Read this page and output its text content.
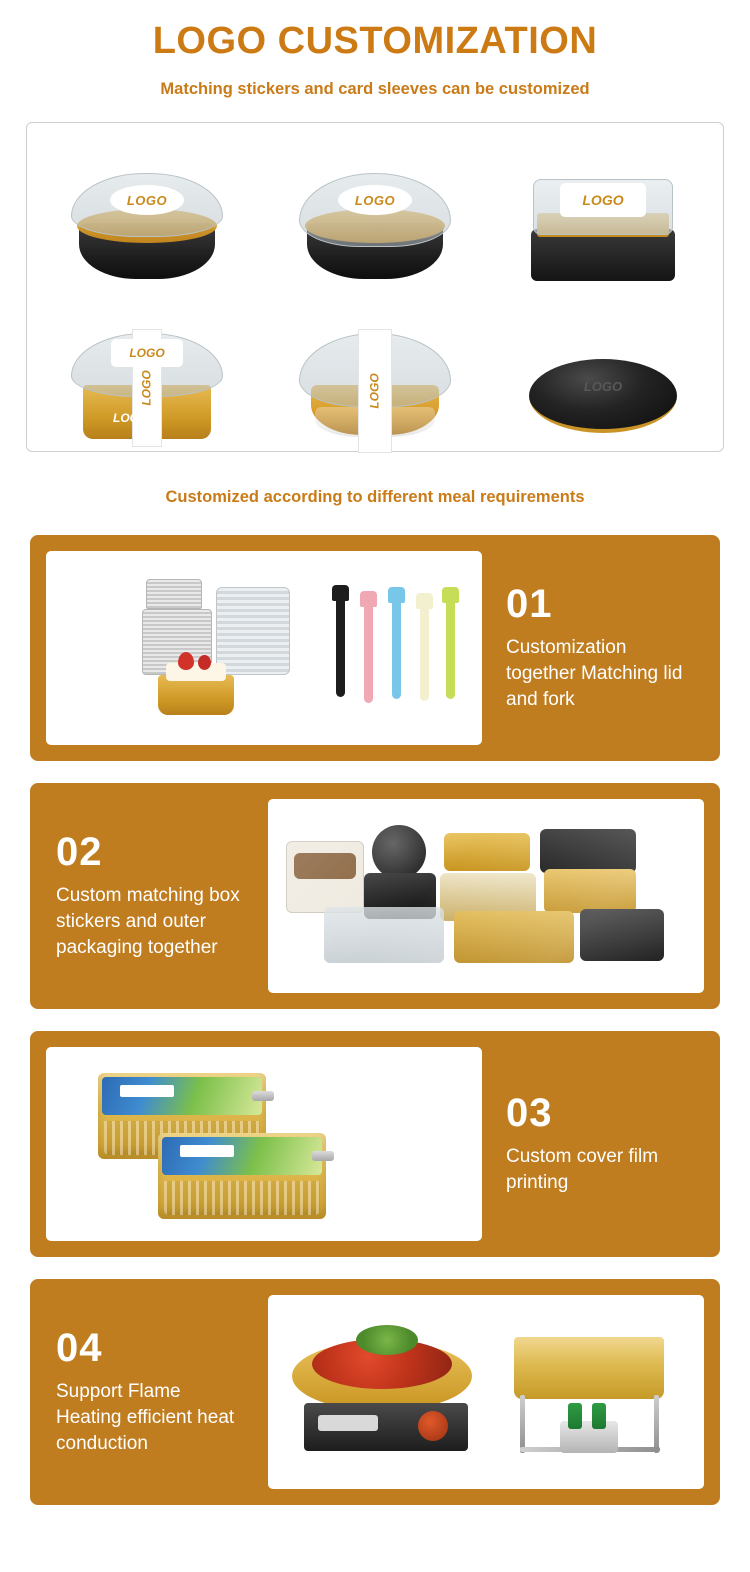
LOGO CUSTOMIZATION
Matching stickers and card sleeves can be customized
LOGO	LOGO	LOGO
LOGO
LOGO
LOGO
LOGO	LOGO
Customized according to different meal requirements
01
Customization together Matching lid and fork
02
Custom matching box stickers and outer packaging together
03
Custom cover film printing
04
Support Flame Heating efficient heat conduction
